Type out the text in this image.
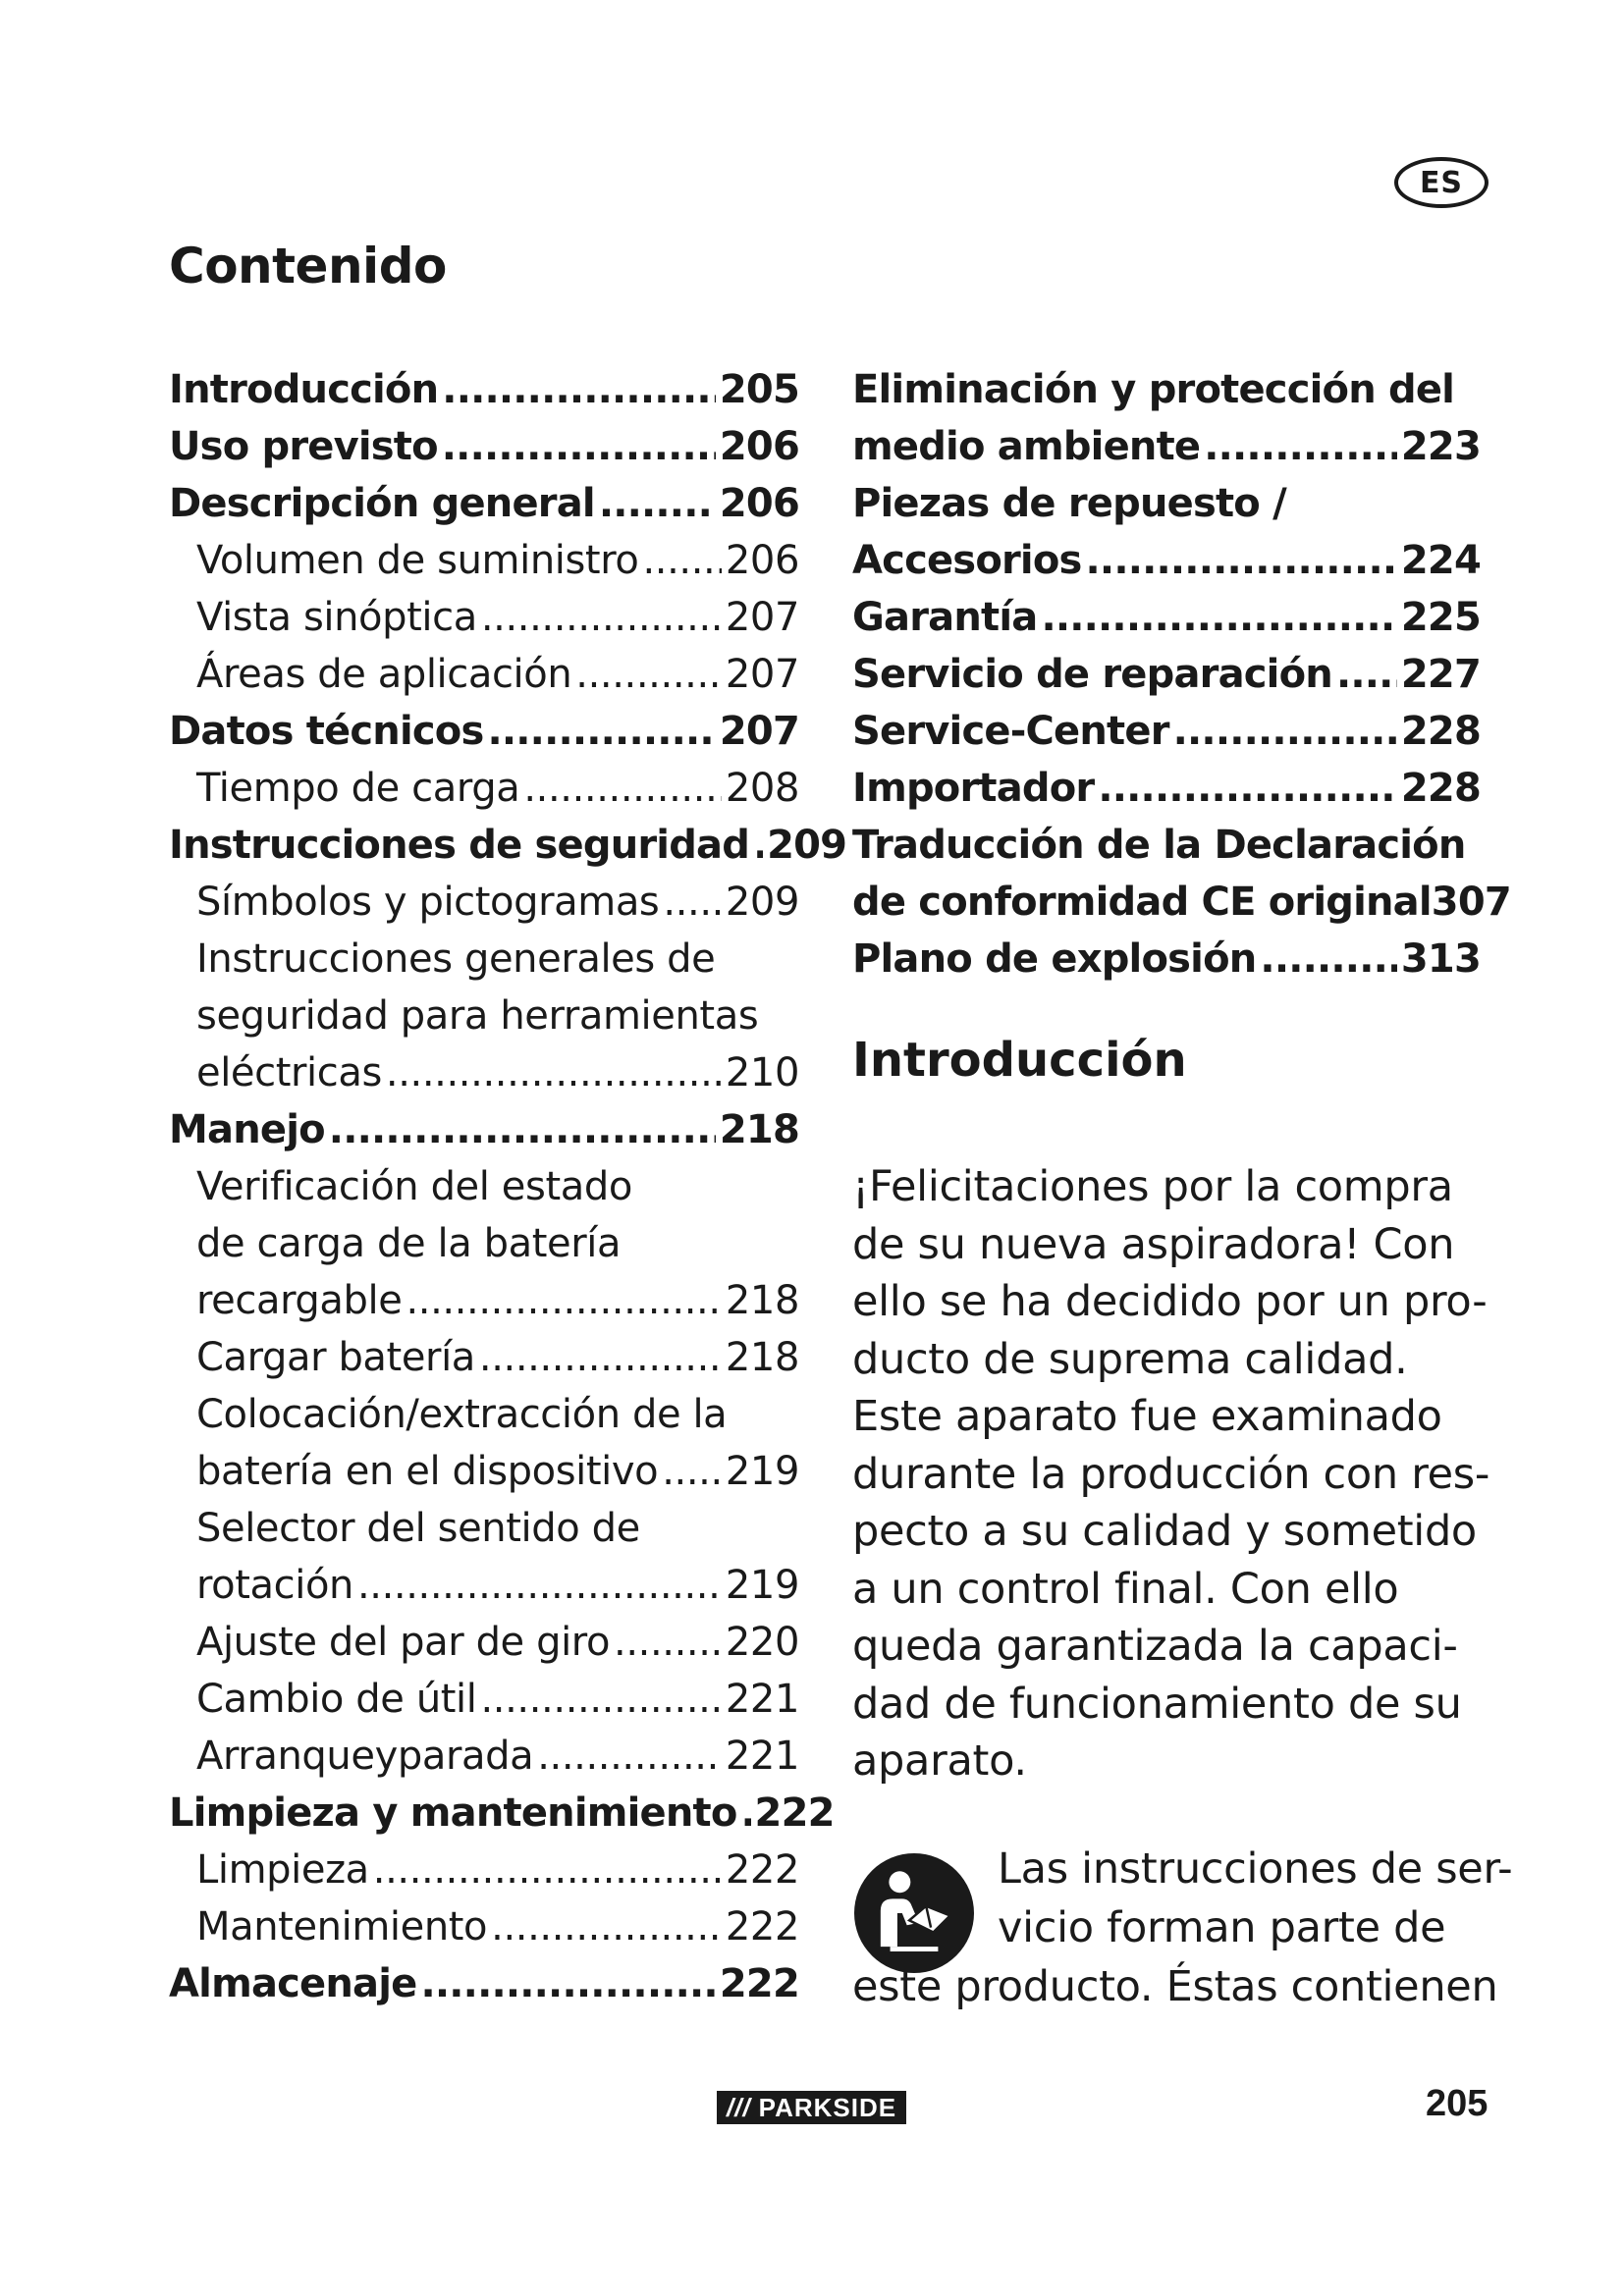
ES
Contenido
Introducción .....	205
Uso previsto .....	206
Descripción general .....	206
Volumen de suministro ..... 206
Vista sinóptica .....	207
Áreas de aplicación .....	207
Datos técnicos .....	207
Tiempo de carga .....	208
Instrucciones de seguridad ..... 209
Símbolos y pictogramas ..... 209
Instrucciones generales de
seguridad para herramientas
eléctricas .....	210
Manejo .....	218
Verificación del estado
de carga de la batería
recargable .....	218
Cargar batería .....	218
Colocación/extracción de la
batería en el dispositivo ..... 219
Selector del sentido de
rotación .....	219
Ajuste del par de giro .....	220
Cambio de útil .....	221
Arranqueyparada .....	221
Limpieza y mantenimiento ..... 222
Limpieza .....	222
Mantenimiento .....	222
Almacenaje .....	222
Eliminación y protección del
medio ambiente .....	223
Piezas de repuesto /
Accesorios .....	224
Garantía .....	225
Servicio de reparación ..... 227
Service-Center .....	228
Importador .....	228
Traducción de la Declaración
de conformidad CE original 307
Plano de explosión .....	313
Introducción
¡Felicitaciones por la compra
de su nueva aspiradora! Con
ello se ha decidido por un pro-
ducto de suprema calidad.
Este aparato fue examinado
durante la producción con res-
pecto a su calidad y sometido
a un control final. Con ello
queda garantizada la capaci-
dad de funcionamiento de su
aparato.
Las instrucciones de ser-
vicio forman parte de
este producto. Éstas contienen
/// PARKSIDE	205
